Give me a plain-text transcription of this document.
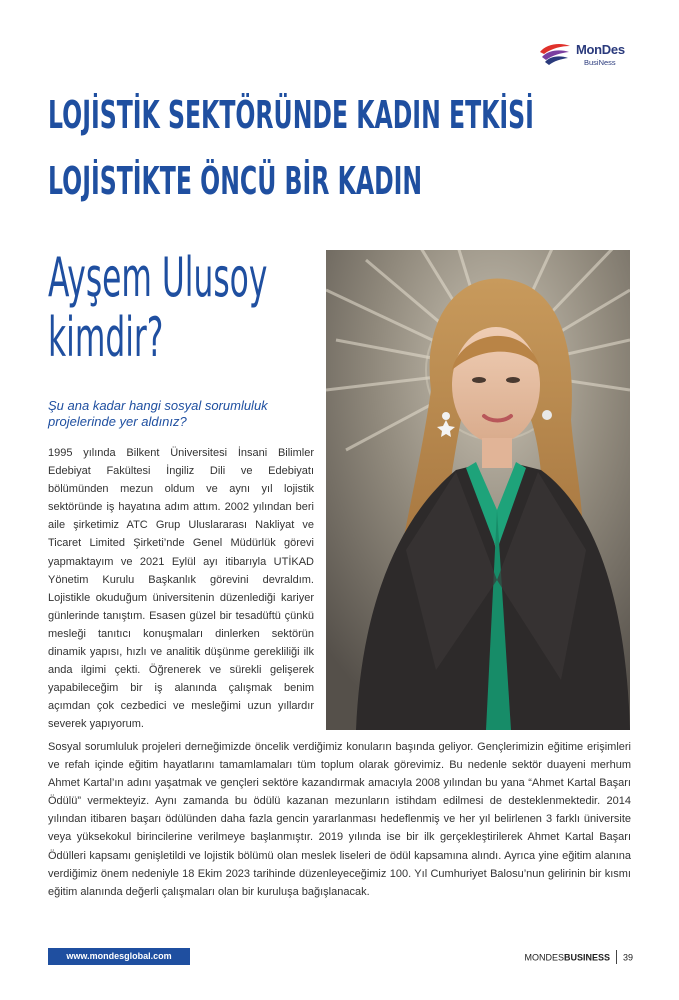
MonDes
BusiNess
LOJİSTİK SEKTÖRÜNDE KADIN ETKİSİ
LOJİSTİKTE ÖNCÜ BİR KADIN
Ayşem Ulusoy
kimdir?

Şu ana kadar hangi sosyal sorumluluk projelerinde yer aldınız?

1995 yılında Bilkent Üniversitesi İnsani Bilimler Edebiyat Fakültesi İngiliz Dili ve Edebiyatı bölümünden mezun oldum ve aynı yıl lojistik sektöründe iş hayatına adım attım. 2002 yılından beri aile şirketimiz ATC Grup Uluslararası Nakliyat ve Ticaret Limited Şirketi’nde Genel Müdürlük görevi yapmaktayım ve 2021 Eylül ayı itibarıyla UTİKAD Yönetim Kurulu Başkanlık görevini devraldım. Lojistikle okuduğum üniversitenin düzenlediği kariyer günlerinde tanıştım. Esasen güzel bir tesadüftü çünkü mesleği tanıtıcı konuşmaları dinlerken sektörün dinamik yapısı, hızlı ve analitik düşünme gerekliliği ilk anda ilgimi çekti. Öğrenerek ve sürekli gelişerek yapabileceğim bir iş alanında çalışmak benim açımdan çok cezbedici ve mesleğimi uzun yıllardır severek yapıyorum.

Sosyal sorumluluk projeleri derneğimizde öncelik verdiğimiz konuların başında geliyor. Gençlerimizin eğitime erişimleri ve refah içinde eğitim hayatlarını tamamlamaları tüm toplum olarak görevimiz. Bu nedenle sektör duayeni merhum Ahmet Kartal’ın adını yaşatmak ve gençleri sektöre kazandırmak amacıyla 2008 yılından bu yana “Ahmet Kartal Başarı Ödülü” vermekteyiz. Aynı zamanda bu ödülü kazanan mezunların istihdam edilmesi de desteklenmektedir. 2014 yılından itibaren başarı ödülünden daha fazla gencin yararlanması hedeflenmiş ve her yıl belirlenen 3 farklı üniversite veya yüksekokul birincilerine verilmeye başlanmıştır. 2019 yılında ise bir ilk gerçekleştirilerek Ahmet Kartal Başarı Ödülleri kapsamı genişletildi ve lojistik bölümü olan meslek liseleri de ödül kapsamına alındı. Ayrıca yine eğitim alanına verdiğimiz önem nedeniyle 18 Ekim 2023 tarihinde düzenleyeceğimiz 100. Yıl Cumhuriyet Balosu’nun gelirinin bir kısmı eğitim alanında değerli çalışmaları olan bir kuruluşa bağışlanacak.

www.mondesglobal.com	MONDESBUSINESS 39
